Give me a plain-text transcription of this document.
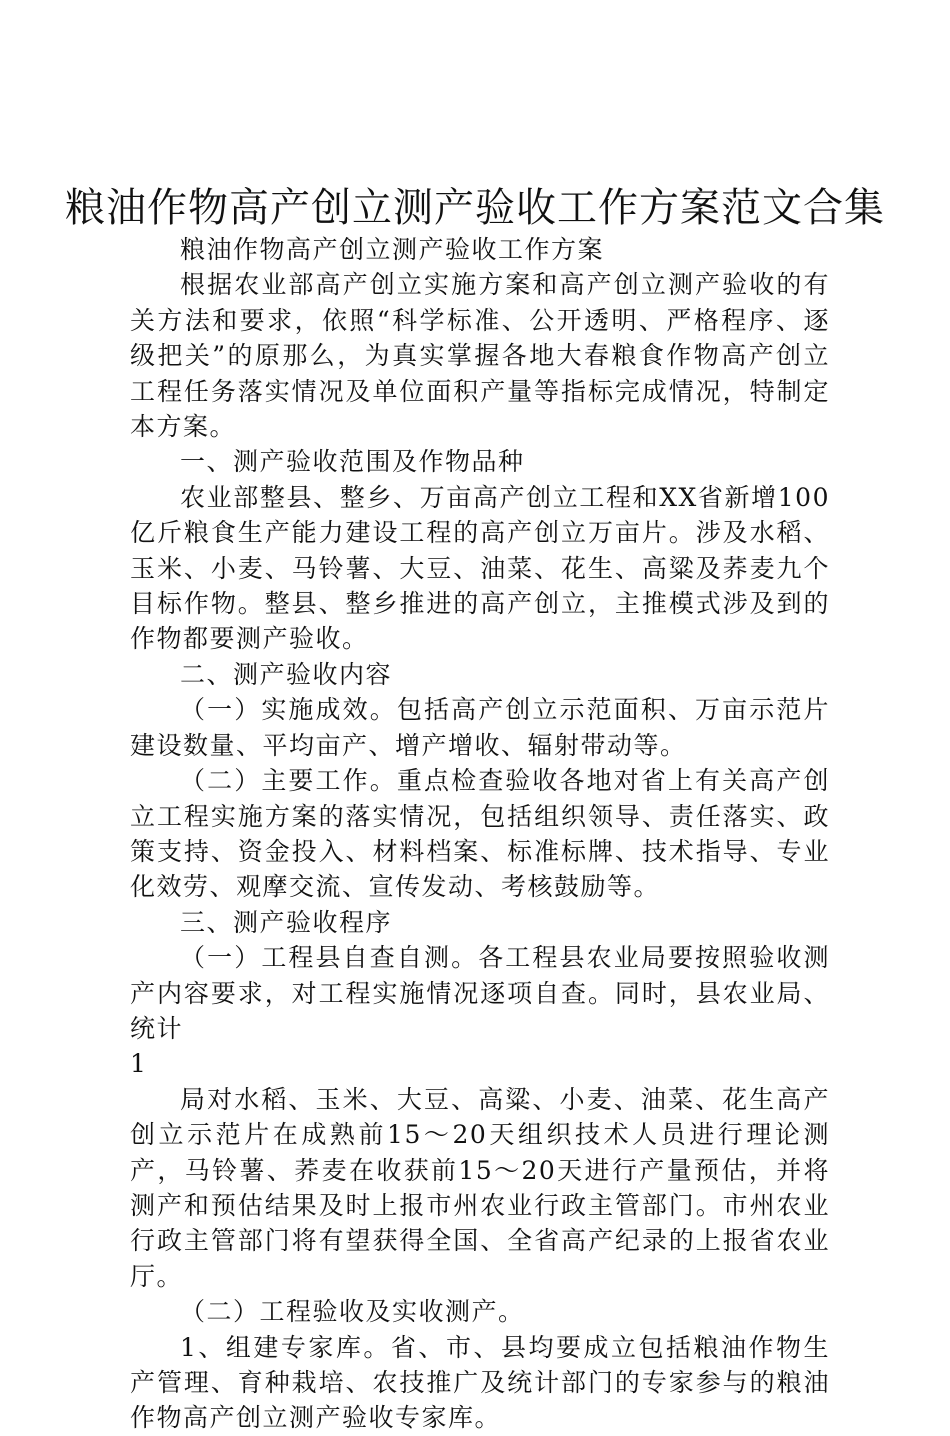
粮油作物高产创立测产验收工作方案范文合集

粮油作物高产创立测产验收工作方案

根据农业部高产创立实施方案和高产创立测产验收的有关方法和要求，依照“科学标准、公开透明、严格程序、逐级把关”的原那么，为真实掌握各地大春粮食作物高产创立工程任务落实情况及单位面积产量等指标完成情况，特制定本方案。

一、测产验收范围及作物品种

农业部整县、整乡、万亩高产创立工程和XX省新增100亿斤粮食生产能力建设工程的高产创立万亩片。涉及水稻、玉米、小麦、马铃薯、大豆、油菜、花生、高粱及荞麦九个目标作物。整县、整乡推进的高产创立，主推模式涉及到的作物都要测产验收。

二、测产验收内容

（一）实施成效。包括高产创立示范面积、万亩示范片建设数量、平均亩产、增产增收、辐射带动等。

（二）主要工作。重点检查验收各地对省上有关高产创立工程实施方案的落实情况，包括组织领导、责任落实、政策支持、资金投入、材料档案、标准标牌、技术指导、专业化效劳、观摩交流、宣传发动、考核鼓励等。

三、测产验收程序

（一）工程县自查自测。各工程县农业局要按照验收测产内容要求，对工程实施情况逐项自查。同时，县农业局、统计

1

局对水稻、玉米、大豆、高粱、小麦、油菜、花生高产创立示范片在成熟前15～20天组织技术人员进行理论测产，马铃薯、荞麦在收获前15～20天进行产量预估，并将测产和预估结果及时上报市州农业行政主管部门。市州农业行政主管部门将有望获得全国、全省高产纪录的上报省农业厅。

（二）工程验收及实收测产。

1、组建专家库。省、市、县均要成立包括粮油作物生产管理、育种栽培、农技推广及统计部门的专家参与的粮油作物高产创立测产验收专家库。
